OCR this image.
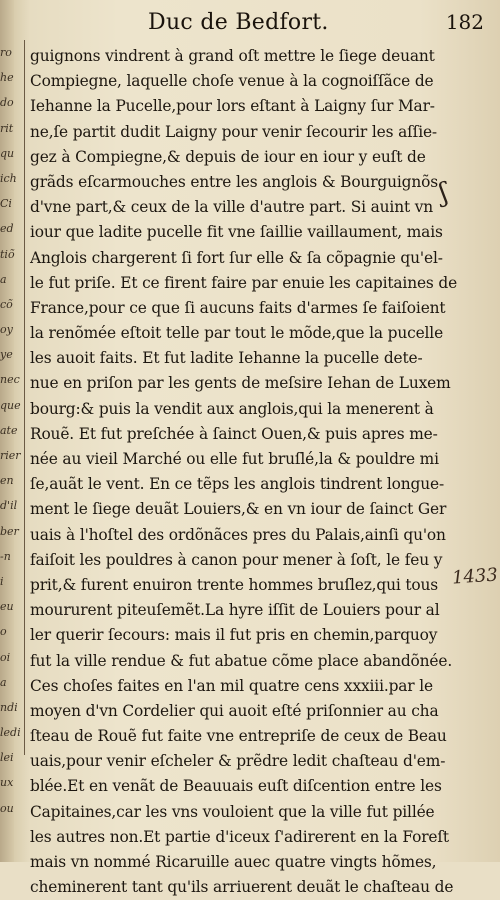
ro
he
do
rit
qu
ich
Ci
ed
tiõ
a
cõ
oy
ye
nec
que
ate
rier
en
d'il
ber
-n
i
eu
o
oi
a
ndi
ledi
lei
ux
ou
Duc de Bedfort.	182
guignons vindrent à grand oſt mettre le ſiege deuant
Compiegne, laquelle choſe venue à la cognoiſſãce de
Iehanne la Pucelle,pour lors eſtant à Laigny ſur Mar-
ne,ſe partit dudit Laigny pour venir ſecourir les aſſie-
gez à Compiegne,& depuis de iour en iour y euſt de
grãds eſcarmouches entre les anglois & Bourguignõs
d'vne part,& ceux de la ville d'autre part. Si auint vn
iour que ladite pucelle fit vne ſaillie vaillaument, mais
Anglois chargerent ſi fort ſur elle & ſa cõpagnie qu'el-
le fut priſe. Et ce firent faire par enuie les capitaines de
France,pour ce que ſi aucuns faits d'armes ſe faiſoient
la renõmée eſtoit telle par tout le mõde,que la pucelle
les auoit faits. Et fut ladite Iehanne la pucelle dete-
nue en priſon par les gents de meſsire Iehan de Luxem
bourg:& puis la vendit aux anglois,qui la menerent à
Rouẽ. Et fut preſchée à ſainct Ouen,& puis apres me-
née au vieil Marché ou elle fut bruſlé,la & pouldre mi
ſe,auãt le vent. En ce tẽps les anglois tindrent longue-
ment le ſiege deuãt Louiers,& en vn iour de ſainct Ger
uais à l'hoſtel des ordõnãces pres du Palais,ainſi qu'on
faiſoit les pouldres à canon pour mener à ſoſt, le feu y
prit,& furent enuiron trente hommes bruſlez,qui tous
moururent piteuſemẽt.La hyre iſſit de Louiers pour al
ler querir ſecours: mais il fut pris en chemin,parquoy
fut la ville rendue & fut abatue cõme place abandõnée.
Ces choſes faites en l'an mil quatre cens xxxiii.par le
moyen d'vn Cordelier qui auoit eſté priſonnier au cha
ſteau de Rouẽ fut faite vne entrepriſe de ceux de Beau
uais,pour venir eſcheler & prẽdre ledit chaſteau d'em-
blée.Et en venãt de Beauuais euſt diſcention entre les
Capitaines,car les vns vouloient que la ville fut pillée
les autres non.Et partie d'iceux ſ'adirerent en la Foreſt
mais vn nommé Ricaruille auec quatre vingts hõmes,
cheminerent tant qu'ils arriuerent deuãt le chaſteau de
ʃ
1433
